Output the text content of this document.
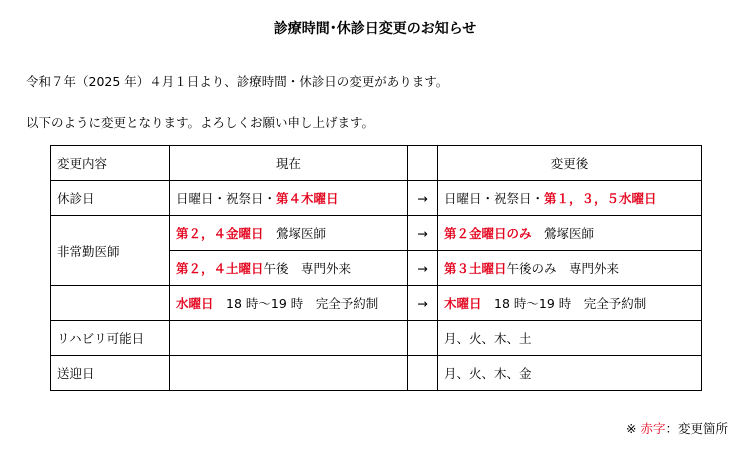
診療時間･休診日変更のお知らせ
令和７年（2025 年）４月１日より、診療時間・休診日の変更があります。
以下のように変更となります。よろしくお願い申し上げます。
変更内容	現在		変更後
休診日	日曜日・祝祭日・第４木曜日	→	日曜日・祝祭日・第１，３，５水曜日
非常勤医師	第２，４金曜日　鶯塚医師	→	第２金曜日のみ　鶯塚医師
	第２，４土曜日午後　専門外来	→	第３土曜日午後のみ　専門外来
	水曜日　18 時～19 時　完全予約制	→	木曜日　18 時～19 時　完全予約制
リハビリ可能日			月、火、木、土
送迎日			月、火、木、金
※ 赤字：変更箇所
